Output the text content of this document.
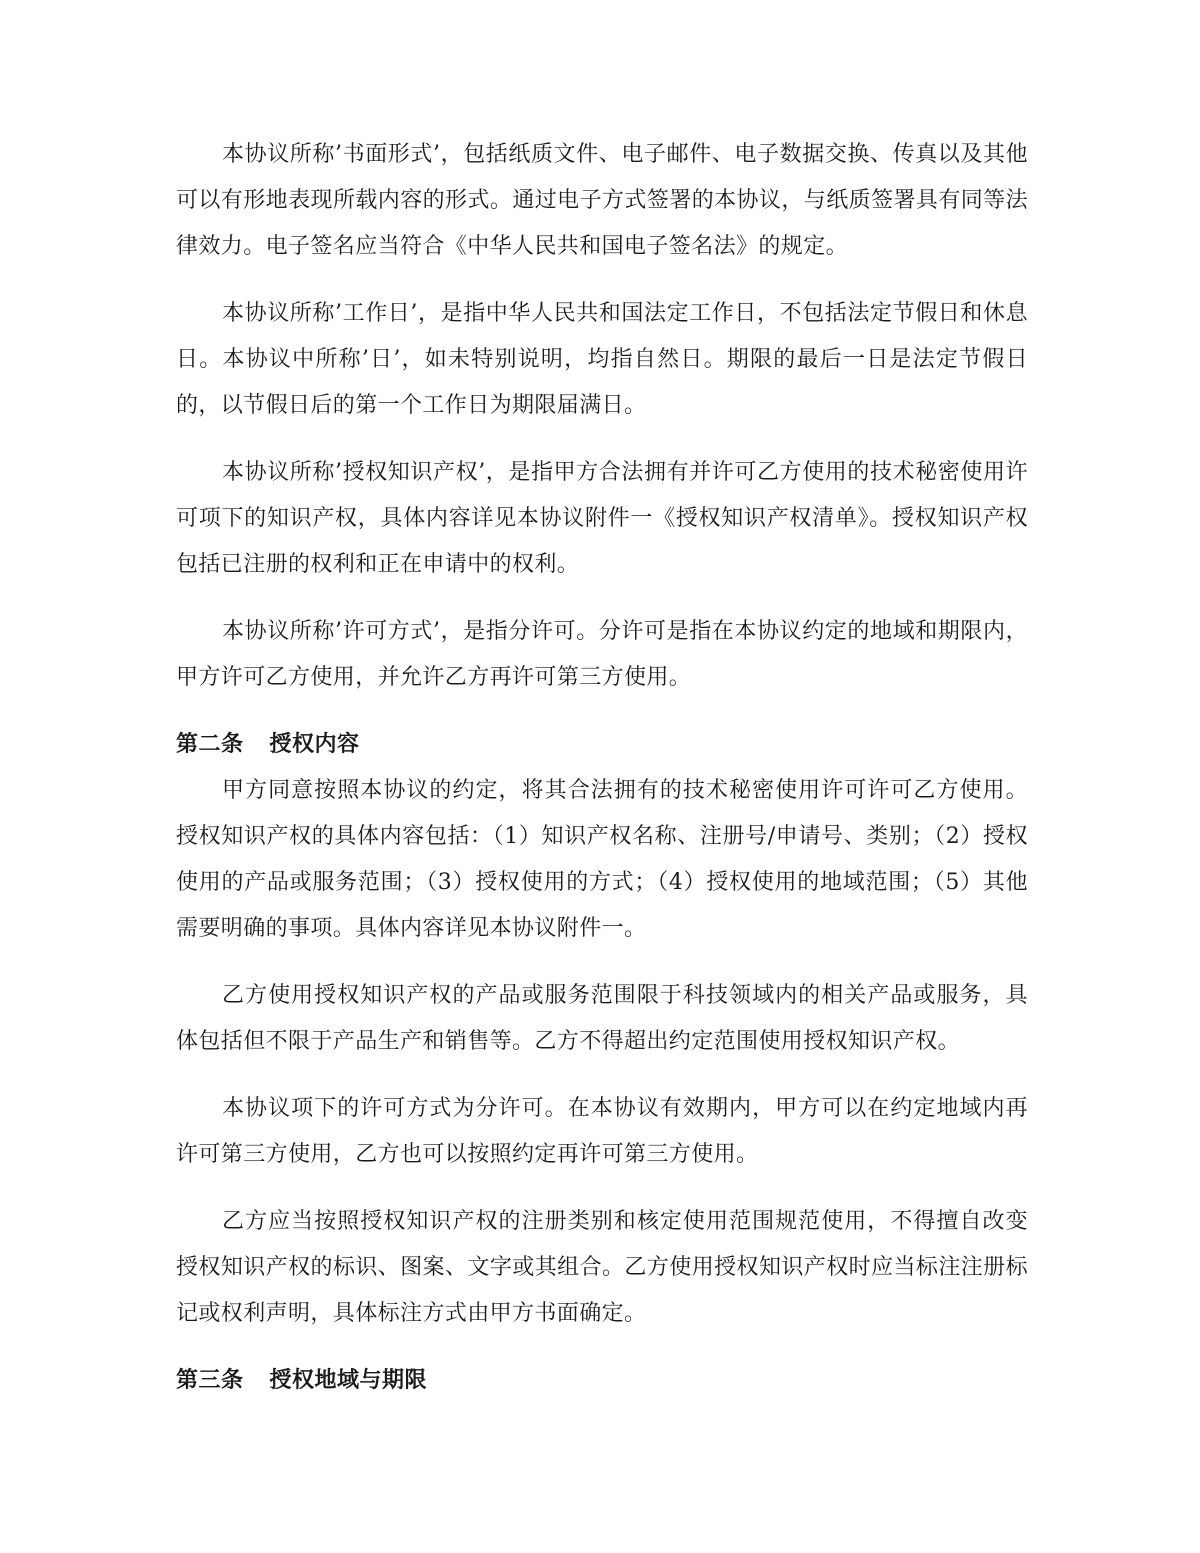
本协议所称’书面形式’，包括纸质文件、电子邮件、电子数据交换、传真以及其他可以有形地表现所载内容的形式。通过电子方式签署的本协议，与纸质签署具有同等法律效力。电子签名应当符合《中华人民共和国电子签名法》的规定。

本协议所称’工作日’，是指中华人民共和国法定工作日，不包括法定节假日和休息日。本协议中所称’日’，如未特别说明，均指自然日。期限的最后一日是法定节假日的，以节假日后的第一个工作日为期限届满日。

本协议所称’授权知识产权’，是指甲方合法拥有并许可乙方使用的技术秘密使用许可项下的知识产权，具体内容详见本协议附件一《授权知识产权清单》。授权知识产权包括已注册的权利和正在申请中的权利。

本协议所称’许可方式’，是指分许可。分许可是指在本协议约定的地域和期限内，甲方许可乙方使用，并允许乙方再许可第三方使用。

第二条 授权内容

甲方同意按照本协议的约定，将其合法拥有的技术秘密使用许可许可乙方使用。授权知识产权的具体内容包括：（1）知识产权名称、注册号/申请号、类别；（2）授权使用的产品或服务范围；（3）授权使用的方式；（4）授权使用的地域范围；（5）其他需要明确的事项。具体内容详见本协议附件一。

乙方使用授权知识产权的产品或服务范围限于科技领域内的相关产品或服务，具体包括但不限于产品生产和销售等。乙方不得超出约定范围使用授权知识产权。

本协议项下的许可方式为分许可。在本协议有效期内，甲方可以在约定地域内再许可第三方使用，乙方也可以按照约定再许可第三方使用。

乙方应当按照授权知识产权的注册类别和核定使用范围规范使用，不得擅自改变授权知识产权的标识、图案、文字或其组合。乙方使用授权知识产权时应当标注注册标记或权利声明，具体标注方式由甲方书面确定。

第三条 授权地域与期限
